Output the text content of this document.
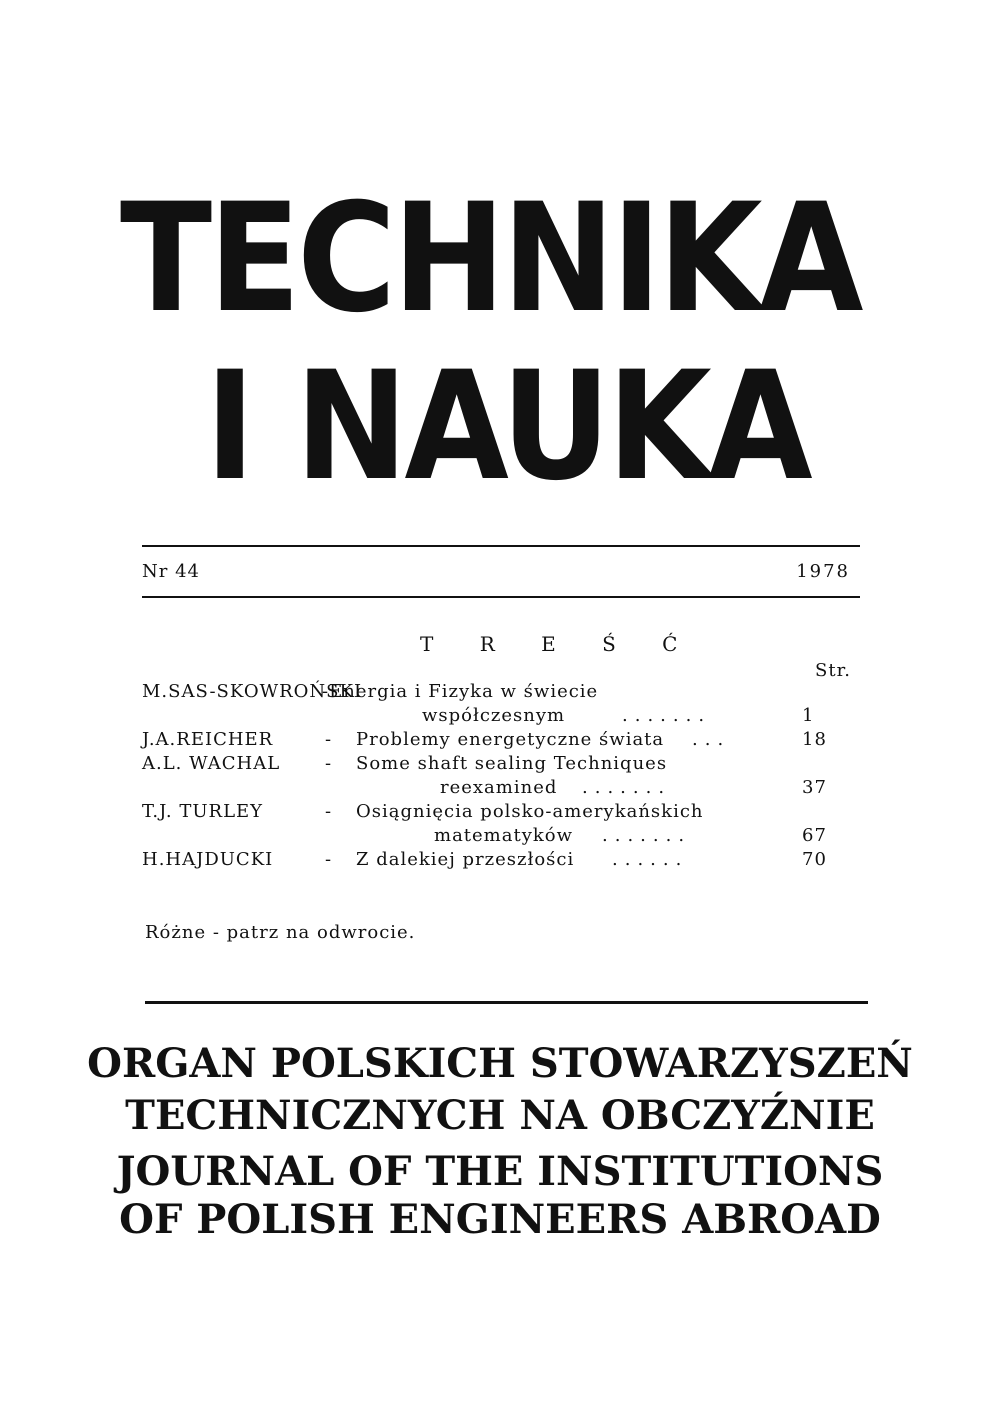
TECHNIKA
I NAUKA
Nr 44	1978
T R E Ś Ć
Str.
M.SAS-SKOWROŃSKI
-Energia i Fizyka w świecie
współczesnym	.......	1
J.A.REICHER	- Problemy energetyczne świata ...	18
A.L. WACHAL - Some shaft sealing Techniques
reexamined .......	37
T.J. TURLEY	- Osiągnięcia polsko-amerykańskich
matematyków .......	67
H.HAJDUCKI	- Z dalekiej przeszłości ......	70
Różne - patrz na odwrocie.
ORGAN POLSKICH STOWARZYSZEŃ
TECHNICZNYCH NA OBCZYŹNIE
JOURNAL OF THE INSTITUTIONS
OF POLISH ENGINEERS ABROAD
